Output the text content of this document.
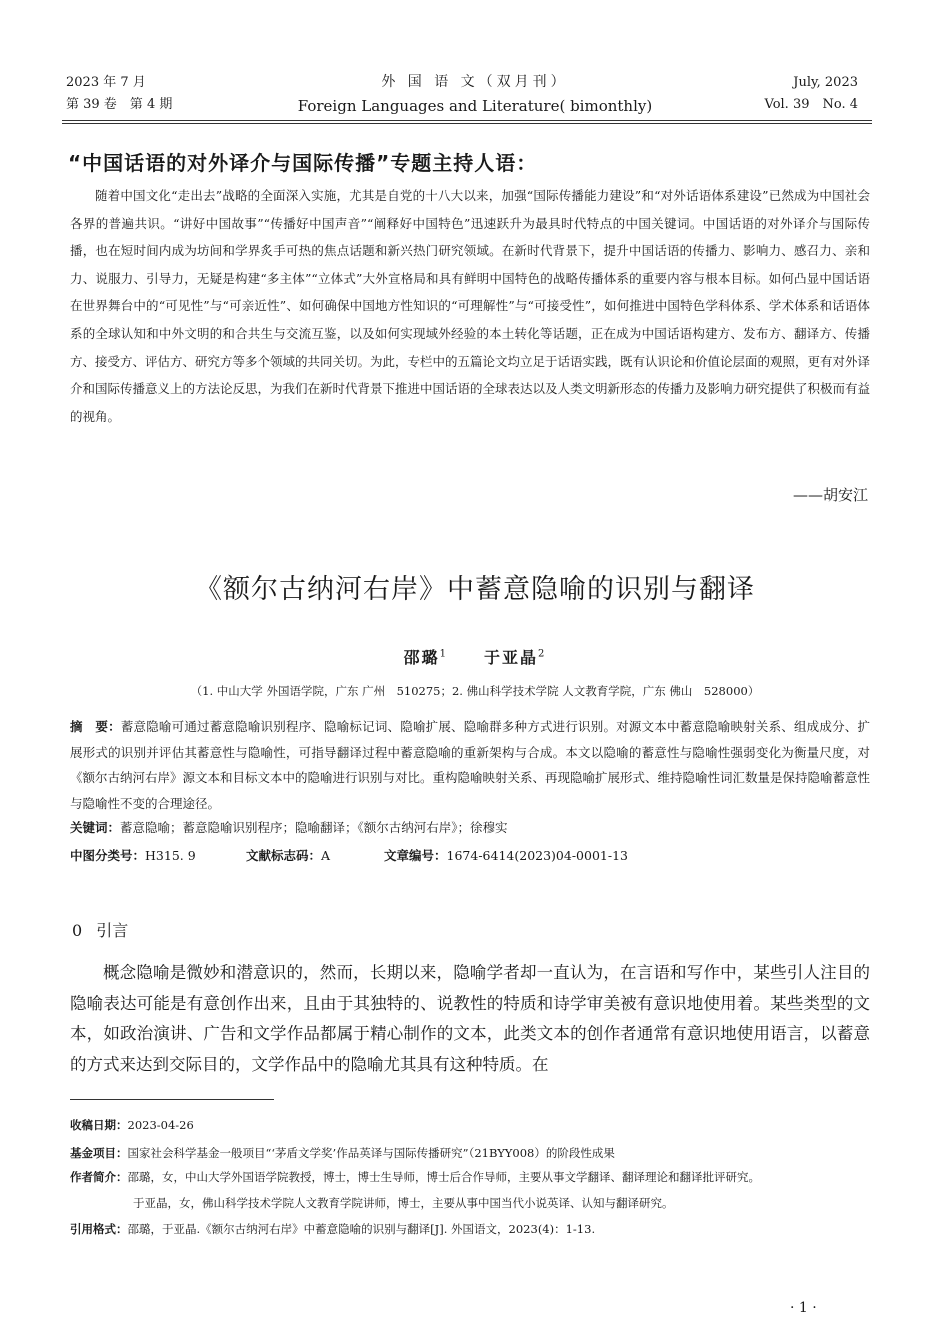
2023 年 7 月
第 39 卷　第 4 期
外 国 语 文（双月刊）
Foreign Languages and Literature( bimonthly)
July, 2023
Vol. 39　No. 4
“中国话语的对外译介与国际传播”专题主持人语：

随着中国文化“走出去”战略的全面深入实施，尤其是自党的十八大以来，加强“国际传播能力建设”和“对外话语体系建设”已然成为中国社会各界的普遍共识。“讲好中国故事”“传播好中国声音”“阐释好中国特色”迅速跃升为最具时代特点的中国关键词。中国话语的对外译介与国际传播，也在短时间内成为坊间和学界炙手可热的焦点话题和新兴热门研究领域。在新时代背景下，提升中国话语的传播力、影响力、感召力、亲和力、说服力、引导力，无疑是构建“多主体”“立体式”大外宣格局和具有鲜明中国特色的战略传播体系的重要内容与根本目标。如何凸显中国话语在世界舞台中的“可见性”与“可亲近性”、如何确保中国地方性知识的“可理解性”与“可接受性”，如何推进中国特色学科体系、学术体系和话语体系的全球认知和中外文明的和合共生与交流互鉴，以及如何实现域外经验的本土转化等话题，正在成为中国话语构建方、发布方、翻译方、传播方、接受方、评估方、研究方等多个领域的共同关切。为此，专栏中的五篇论文均立足于话语实践，既有认识论和价值论层面的观照，更有对外译介和国际传播意义上的方法论反思，为我们在新时代背景下推进中国话语的全球表达以及人类文明新形态的传播力及影响力研究提供了积极而有益的视角。

——胡安江
《额尔古纳河右岸》中蓄意隐喻的识别与翻译
邵璐$^1$ 于亚晶$^2$
（1. 中山大学 外国语学院，广东 广州　510275；2. 佛山科学技术学院 人文教育学院，广东 佛山　528000）

摘　要：蓄意隐喻可通过蓄意隐喻识别程序、隐喻标记词、隐喻扩展、隐喻群多种方式进行识别。对源文本中蓄意隐喻映射关系、组成成分、扩展形式的识别并评估其蓄意性与隐喻性，可指导翻译过程中蓄意隐喻的重新架构与合成。本文以隐喻的蓄意性与隐喻性强弱变化为衡量尺度，对《额尔古纳河右岸》源文本和目标文本中的隐喻进行识别与对比。重构隐喻映射关系、再现隐喻扩展形式、维持隐喻性词汇数量是保持隐喻蓄意性与隐喻性不变的合理途径。

关键词：蓄意隐喻；蓄意隐喻识别程序；隐喻翻译；《额尔古纳河右岸》；徐穆实
中图分类号：H315. 9	文献标志码：A	文章编号：1674-6414(2023)04-0001-13
0 引言

概念隐喻是微妙和潜意识的，然而，长期以来，隐喻学者却一直认为，在言语和写作中，某些引人注目的隐喻表达可能是有意创作出来，且由于其独特的、说教性的特质和诗学审美被有意识地使用着。某些类型的文本，如政治演讲、广告和文学作品都属于精心制作的文本，此类文本的创作者通常有意识地使用语言，以蓄意的方式来达到交际目的，文学作品中的隐喻尤其具有这种特质。在

收稿日期：2023-04-26
基金项目：国家社会科学基金一般项目“‘茅盾文学奖’作品英译与国际传播研究”（21BYY008）的阶段性成果
作者简介：邵璐，女，中山大学外国语学院教授，博士，博士生导师，博士后合作导师，主要从事文学翻译、翻译理论和翻译批评研究。
于亚晶，女，佛山科学技术学院人文教育学院讲师，博士，主要从事中国当代小说英译、认知与翻译研究。
引用格式：邵璐，于亚晶.《额尔古纳河右岸》中蓄意隐喻的识别与翻译[J]. 外国语文，2023(4)：1-13.
· 1 ·
